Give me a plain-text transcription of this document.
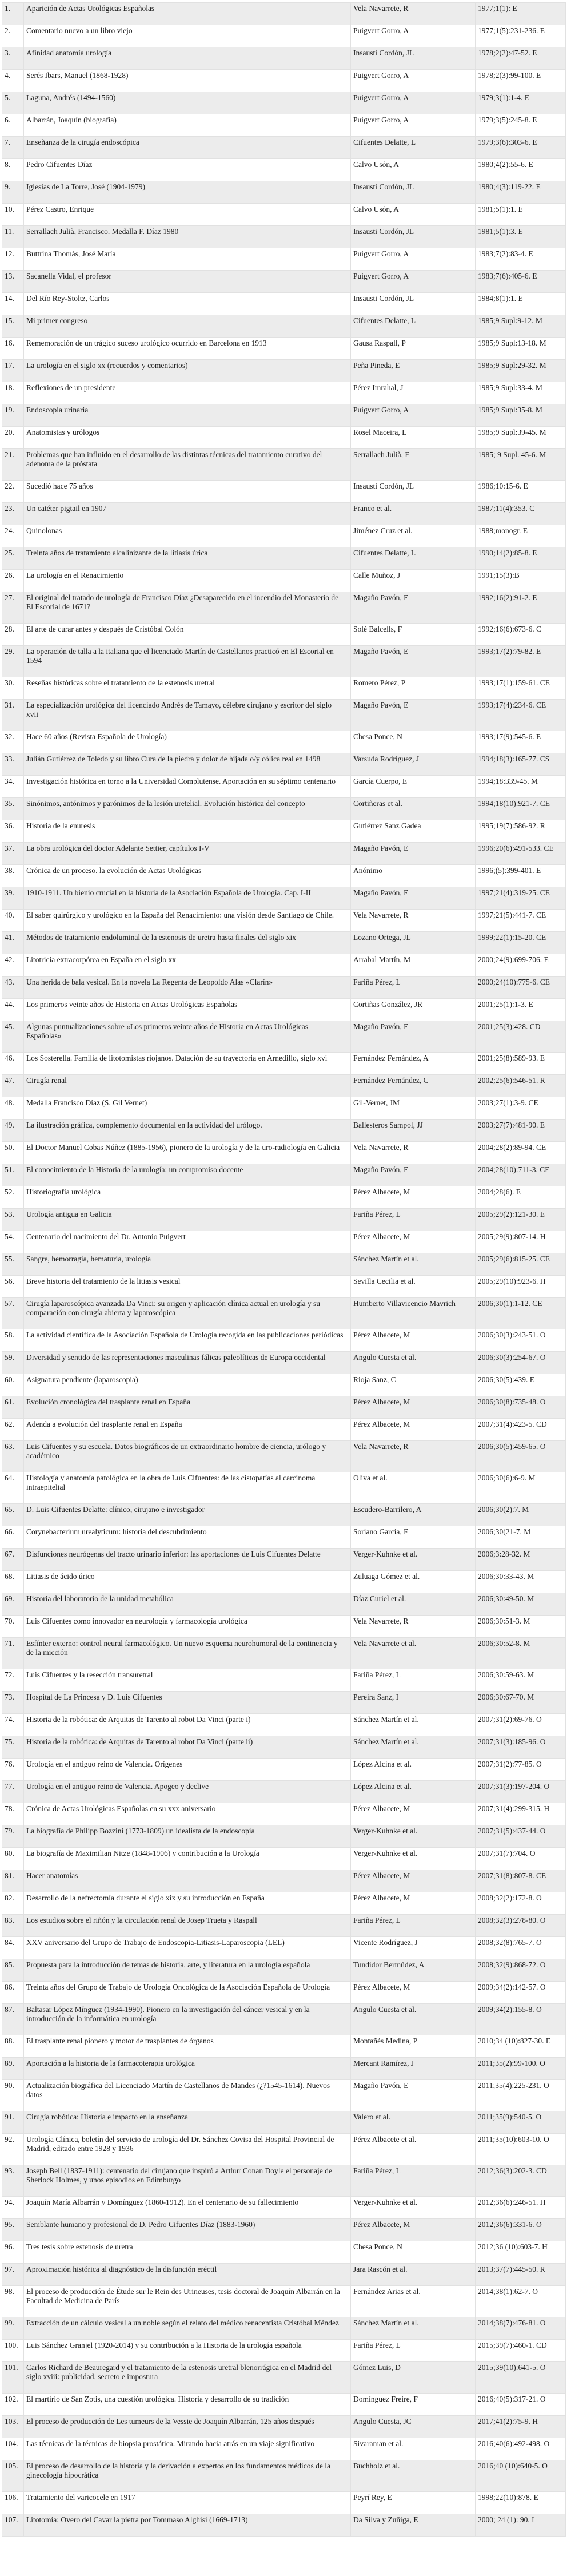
1.	Aparición de Actas Urológicas Españolas	Vela Navarrete, R	1977;1(1): E
2.	Comentario nuevo a un libro viejo	Puigvert Gorro, A	1977;1(5):231-236. E
3.	Afinidad anatomía urología	Insausti Cordón, JL	1978;2(2):47-52. E
4.	Serés Ibars, Manuel (1868-1928)	Puigvert Gorro, A	1978;2(3):99-100. E
5.	Laguna, Andrés (1494-1560)	Puigvert Gorro, A	1979;3(1):1-4. E
6.	Albarrán, Joaquín (biografía)	Puigvert Gorro, A	1979;3(5):245-8. E
7.	Enseñanza de la cirugía endoscópica	Cifuentes Delatte, L	1979;3(6):303-6. E
8.	Pedro Cifuentes Díaz	Calvo Usón, A	1980;4(2):55-6. E
9.	Iglesias de La Torre, José (1904-1979)	Insausti Cordón, JL	1980;4(3):119-22. E
10.	Pérez Castro, Enrique	Calvo Usón, A	1981;5(1):1. E
11.	Serrallach Julià, Francisco. Medalla F. Díaz 1980	Insausti Cordón, JL	1981;5(1):3. E
12.	Buttrina Thomás, José María	Puigvert Gorro, A	1983;7(2):83-4. E
13.	Sacanella Vidal, el profesor	Puigvert Gorro, A	1983;7(6):405-6. E
14.	Del Río Rey-Stoltz, Carlos	Insausti Cordón, JL	1984;8(1):1. E
15.	Mi primer congreso	Cifuentes Delatte, L	1985;9 Supl:9-12. M
16.	Rememoración de un trágico suceso urológico ocurrido en Barcelona en 1913	Gausa Raspall, P	1985;9 Supl:13-18. M
17.	La urología en el siglo xx (recuerdos y comentarios)	Peña Pineda, E	1985;9 Supl:29-32. M
18.	Reflexiones de un presidente	Pérez Imrahal, J	1985;9 Supl:33-4. M
19.	Endoscopia urinaria	Puigvert Gorro, A	1985;9 Supl:35-8. M
20.	Anatomistas y urólogos	Rosel Maceira, L	1985;9 Supl:39-45. M
21.	Problemas que han influido en el desarrollo de las distintas técnicas del tratamiento curativo del adenoma de la próstata	Serrallach Julià, F	1985; 9 Supl. 45-6. M
22.	Sucedió hace 75 años	Insausti Cordón, JL	1986;10:15-6. E
23.	Un catéter pigtail en 1907	Franco et al.	1987;11(4):353. C
24.	Quinolonas	Jiménez Cruz et al.	1988;monogr. E
25.	Treinta años de tratamiento alcalinizante de la litiasis úrica	Cifuentes Delatte, L	1990;14(2):85-8. E
26.	La urología en el Renacimiento	Calle Muñoz, J	1991;15(3):B
27.	El original del tratado de urología de Francisco Díaz ¿Desaparecido en el incendio del Monasterio de El Escorial de 1671?	Magaño Pavón, E	1992;16(2):91-2. E
28.	El arte de curar antes y después de Cristóbal Colón	Solé Balcells, F	1992;16(6):673-6. C
29.	La operación de talla a la italiana que el licenciado Martín de Castellanos practicó en El Escorial en 1594	Magaño Pavón, E	1993;17(2):79-82. E
30.	Reseñas históricas sobre el tratamiento de la estenosis uretral	Romero Pérez, P	1993;17(1):159-61. CE
31.	La especialización urológica del licenciado Andrés de Tamayo, célebre cirujano y escritor del siglo xvii	Magaño Pavón, E	1993;17(4):234-6. CE
32.	Hace 60 años (Revista Española de Urología)	Chesa Ponce, N	1993;17(9):545-6. E
33.	Julián Gutiérrez de Toledo y su libro Cura de la piedra y dolor de hijada o/y cólica real en 1498	Varsuda Rodríguez, J	1994;18(3):165-77. CS
34.	Investigación histórica en torno a la Universidad Complutense. Aportación en su séptimo centenario	García Cuerpo, E	1994;18:339-45. M
35.	Sinónimos, antónimos y parónimos de la lesión uretelial. Evolución histórica del concepto	Cortiñeras et al.	1994;18(10):921-7. CE
36.	Historia de la enuresis	Gutiérrez Sanz Gadea	1995;19(7):586-92. R
37.	La obra urológica del doctor Adelante Settier, capítulos I-V	Magaño Pavón, E	1996;20(6):491-533. CE
38.	Crónica de un proceso. la evolución de Actas Urológicas	Anónimo	1996;(5):399-401. E
39.	1910-1911. Un bienio crucial en la historia de la Asociación Española de Urología. Cap. I-II	Magaño Pavón, E	1997;21(4):319-25. CE
40.	El saber quirúrgico y urológico en la España del Renacimiento: una visión desde Santiago de Chile.	Vela Navarrete, R	1997;21(5):441-7. CE
41.	Métodos de tratamiento endoluminal de la estenosis de uretra hasta finales del siglo xix	Lozano Ortega, JL	1999;22(1):15-20. CE
42.	Litotricia extracorpórea en España en el siglo xx	Arrabal Martín, M	2000;24(9):699-706. E
43.	Una herida de bala vesical. En la novela La Regenta de Leopoldo Alas «Clarín»	Fariña Pérez, L	2000;24(10):775-6. CE
44.	Los primeros veinte años de Historia en Actas Urológicas Españolas	Cortiñas González, JR	2001;25(1):1-3. E
45.	Algunas puntualizaciones sobre «Los primeros veinte años de Historia en Actas Urológicas Españolas»	Magaño Pavón, E	2001;25(3):428. CD
46.	Los Sosterella. Familia de litotomistas riojanos. Datación de su trayectoria en Arnedillo, siglo xvi	Fernández Fernández, A	2001;25(8):589-93. E
47.	Cirugía renal	Fernández Fernández, C	2002;25(6):546-51. R
48.	Medalla Francisco Díaz (S. Gil Vernet)	Gil-Vernet, JM	2003;27(1):3-9. CE
49.	La ilustración gráfica, complemento documental en la actividad del urólogo.	Ballesteros Sampol, JJ	2003;27(7):481-90. E
50.	El Doctor Manuel Cobas Núñez (1885-1956), pionero de la urología y de la uro-radiología en Galicia	Vela Navarrete, R	2004;28(2):89-94. CE
51.	El conocimiento de la Historia de la urología: un compromiso docente	Magaño Pavón, E	2004;28(10):711-3. CE
52.	Historiografía urológica	Pérez Albacete, M	2004;28(6). E
53.	Urología antigua en Galicia	Fariña Pérez, L	2005;29(2):121-30. E
54.	Centenario del nacimiento del Dr. Antonio Puigvert	Pérez Albacete, M	2005;29(9):807-14. H
55.	Sangre, hemorragia, hematuria, urología	Sánchez Martín et al.	2005;29(6):815-25. CE
56.	Breve historia del tratamiento de la litiasis vesical	Sevilla Cecilia et al.	2005;29(10):923-6. H
57.	Cirugía laparoscópica avanzada Da Vinci: su origen y aplicación clínica actual en urología y su comparación con cirugía abierta y laparoscópica	Humberto Villavicencio Mavrich	2006;30(1):1-12. CE
58.	La actividad científica de la Asociación Española de Urología recogida en las publicaciones periódicas	Pérez Albacete, M	2006;30(3):243-51. O
59.	Diversidad y sentido de las representaciones masculinas fálicas paleolíticas de Europa occidental	Angulo Cuesta et al.	2006;30(3):254-67. O
60.	Asignatura pendiente (laparoscopia)	Rioja Sanz, C	2006;30(5):439. E
61.	Evolución cronológica del trasplante renal en España	Pérez Albacete, M	2006;30(8):735-48. O
62.	Adenda a evolución del trasplante renal en España	Pérez Albacete, M	2007;31(4):423-5. CD
63.	Luis Cifuentes y su escuela. Datos biográficos de un extraordinario hombre de ciencia, urólogo y académico	Vela Navarrete, R	2006;30(5):459-65. O
64.	Histología y anatomía patológica en la obra de Luis Cifuentes: de las cistopatías al carcinoma intraepitelial	Oliva et al.	2006;30(6):6-9. M
65.	D. Luis Cifuentes Delatte: clínico, cirujano e investigador	Escudero-Barrilero, A	2006;30(2):7. M
66.	Corynebacterium urealyticum: historia del descubrimiento	Soriano García, F	2006;30(21-7. M
67.	Disfunciones neurógenas del tracto urinario inferior: las aportaciones de Luis Cifuentes Delatte	Verger-Kuhnke et al.	2006;3:28-32. M
68.	Litiasis de ácido úrico	Zuluaga Gómez et al.	2006;30:33-43. M
69.	Historia del laboratorio de la unidad metabólica	Díaz Curiel et al.	2006;30:49-50. M
70.	Luis Cifuentes como innovador en neurología y farmacología urológica	Vela Navarrete, R	2006;30:51-3. M
71.	Esfínter externo: control neural farmacológico. Un nuevo esquema neurohumoral de la continencia y de la micción	Vela Navarrete et al.	2006;30:52-8. M
72.	Luis Cifuentes y la resección transuretral	Fariña Pérez, L	2006;30:59-63. M
73.	Hospital de La Princesa y D. Luis Cifuentes	Pereira Sanz, I	2006;30:67-70. M
74.	Historia de la robótica: de Arquitas de Tarento al robot Da Vinci (parte i)	Sánchez Martín et al.	2007;31(2):69-76. O
75.	Historia de la robótica: de Arquitas de Tarento al robot Da Vinci (parte ii)	Sánchez Martín et al.	2007;31(3):185-96. O
76.	Urología en el antiguo reino de Valencia. Orígenes	López Alcina et al.	2007;31(2):77-85. O
77.	Urología en el antiguo reino de Valencia. Apogeo y declive	López Alcina et al.	2007;31(3):197-204. O
78.	Crónica de Actas Urológicas Españolas en su xxx aniversario	Pérez Albacete, M	2007;31(4):299-315. H
79.	La biografía de Philipp Bozzini (1773-1809) un idealista de la endoscopia	Verger-Kuhnke et al.	2007;31(5):437-44. O
80.	La biografía de Maximilian Nitze (1848-1906) y contribución a la Urología	Verger-Kuhnke et al.	2007;31(7):704. O
81.	Hacer anatomías	Pérez Albacete, M	2007;31(8):807-8. CE
82.	Desarrollo de la nefrectomía durante el siglo xix y su introducción en España	Pérez Albacete, M	2008;32(2):172-8. O
83.	Los estudios sobre el riñón y la circulación renal de Josep Trueta y Raspall	Fariña Pérez, L	2008;32(3):278-80. O
84.	XXV aniversario del Grupo de Trabajo de Endoscopia-Litiasis-Laparoscopia (LEL)	Vicente Rodríguez, J	2008;32(8):765-7. O
85.	Propuesta para la introducción de temas de historia, arte, y literatura en la urología española	Tundidor Bermúdez, A	2008;32(9):868-72. O
86.	Treinta años del Grupo de Trabajo de Urología Oncológica de la Asociación Española de Urología	Pérez Albacete, M	2009;34(2):142-57. O
87.	Baltasar López Mínguez (1934-1990). Pionero en la investigación del cáncer vesical y en la introducción de la informática en urología	Angulo Cuesta et al.	2009;34(2):155-8. O
88.	El trasplante renal pionero y motor de trasplantes de órganos	Montañés Medina, P	2010;34 (10):827-30. E
89.	Aportación a la historia de la farmacoterapia urológica	Mercant Ramírez, J	2011;35(2):99-100. O
90.	Actualización biográfica del Licenciado Martín de Castellanos de Mandes (¿?1545-1614). Nuevos datos	Magaño Pavón, E	2011;35(4):225-231. O
91.	Cirugía robótica: Historia e impacto en la enseñanza	Valero et al.	2011;35(9):540-5. O
92.	Urología Clínica, boletín del servicio de urología del Dr. Sánchez Covisa del Hospital Provincial de Madrid, editado entre 1928 y 1936	Pérez Albacete et al.	2011;35(10):603-10. O
93.	Joseph Bell (1837-1911): centenario del cirujano que inspiró a Arthur Conan Doyle el personaje de Sherlock Holmes, y unos episodios en Edimburgo	Fariña Pérez, L	2012;36(3):202-3. CD
94.	Joaquín María Albarrán y Domínguez (1860-1912). En el centenario de su fallecimiento	Verger-Kuhnke et al.	2012;36(6):246-51. H
95.	Semblante humano y profesional de D. Pedro Cifuentes Díaz (1883-1960)	Pérez Albacete, M	2012;36(6):331-6. O
96.	Tres tesis sobre estenosis de uretra	Chesa Ponce, N	2012;36 (10):603-7. H
97.	Aproximación histórica al diagnóstico de la disfunción eréctil	Jara Rascón et al.	2013;37(7):445-50. R
98.	El proceso de producción de Étude sur le Rein des Urineuses, tesis doctoral de Joaquín Albarrán en la Facultad de Medicina de París	Fernández Arias et al.	2014;38(1):62-7. O
99.	Extracción de un cálculo vesical a un noble según el relato del médico renacentista Cristóbal Méndez	Sánchez Martín et al.	2014;38(7):476-81. O
100.	Luis Sánchez Granjel (1920-2014) y su contribución a la Historia de la urología española	Fariña Pérez, L	2015;39(7):460-1. CD
101.	Carlos Richard de Beauregard y el tratamiento de la estenosis uretral blenorrágica en el Madrid del siglo xviii: publicidad, secreto e impostura	Gómez Luis, D	2015;39(10):641-5. O
102.	El martirio de San Zotis, una cuestión urológica. Historia y desarrollo de su tradición	Domínguez Freire, F	2016;40(5):317-21. O
103.	El proceso de producción de Les tumeurs de la Vessie de Joaquín Albarrán, 125 años después	Angulo Cuesta, JC	2017;41(2):75-9. H
104.	Las técnicas de la técnicas de biopsia prostática. Mirando hacia atrás en un viaje significativo	Sivaraman et al.	2016;40(6):492-498. O
105.	El proceso de desarrollo de la historia y la derivación a expertos en los fundamentos médicos de la ginecología hipocrática	Buchholz et al.	2016;40 (10):640-5. O
106.	Tratamiento del varicocele en 1917	Peyrí Rey, E	1998;22(10):878. E
107.	Litotomía: Overo del Cavar la pietra por Tommaso Alghisi (1669-1713)	Da Silva y Zuñiga, E	2000; 24 (1): 90. I
